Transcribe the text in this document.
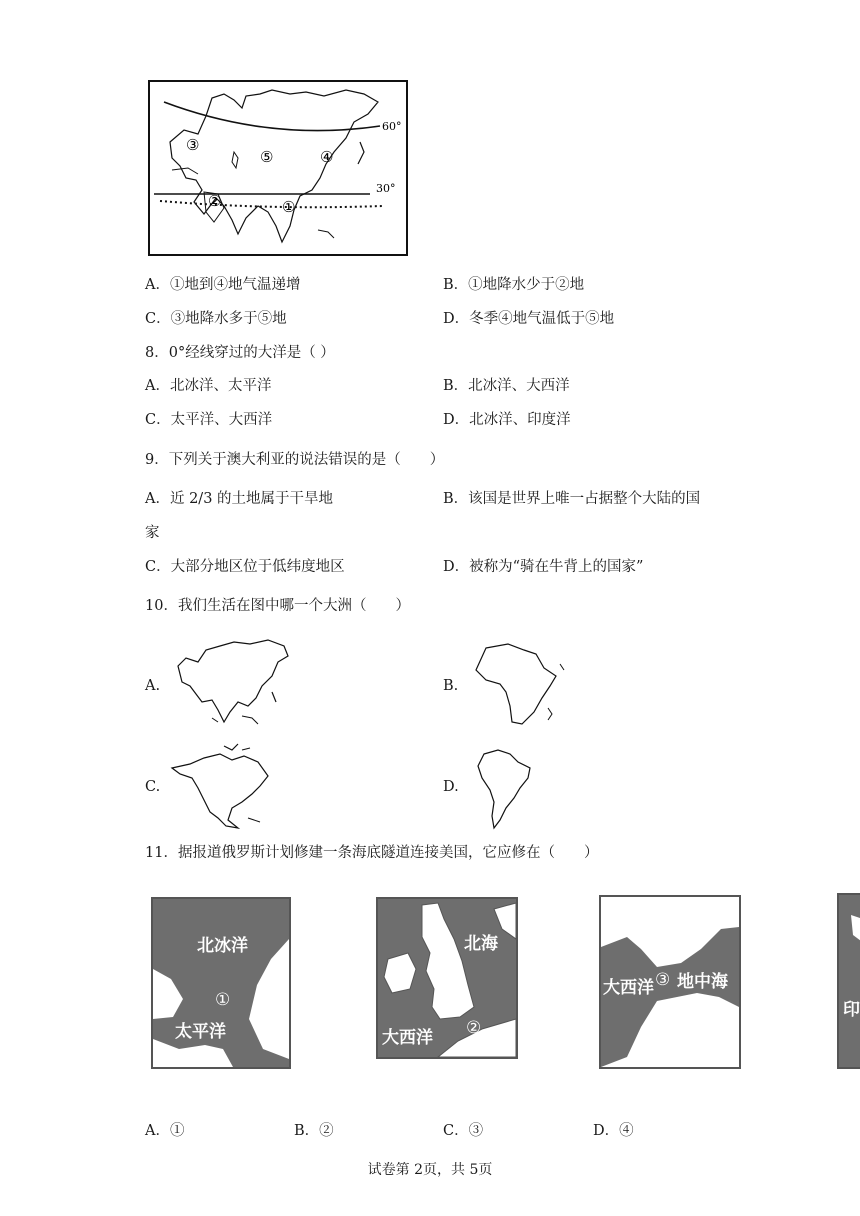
60°
30°
③
⑤	④
②	①
A．①地到④地气温递增	B．①地降水少于②地
C．③地降水多于⑤地	D．冬季④地气温低于⑤地
8．0°经线穿过的大洋是（ ）
A．北冰洋、太平洋	B．北冰洋、大西洋
C．太平洋、大西洋	D．北冰洋、印度洋
9．下列关于澳大利亚的说法错误的是（　　）
A．近 2/3 的土地属于干旱地	B．该国是世界上唯一占据整个大陆的国
家
C．大部分地区位于低纬度地区	D．被称为“骑在牛背上的国家”
10．我们生活在图中哪一个大洲（　　）
A.	B.
C.	D.
11．据报道俄罗斯计划修建一条海底隧道连接美国，它应修在（　　）
北冰洋
①
太平洋
北海
②
大西洋
大西洋 ③ 地中海
印
A．①	B．②	C．③	D．④
试卷第 2页，共 5页
